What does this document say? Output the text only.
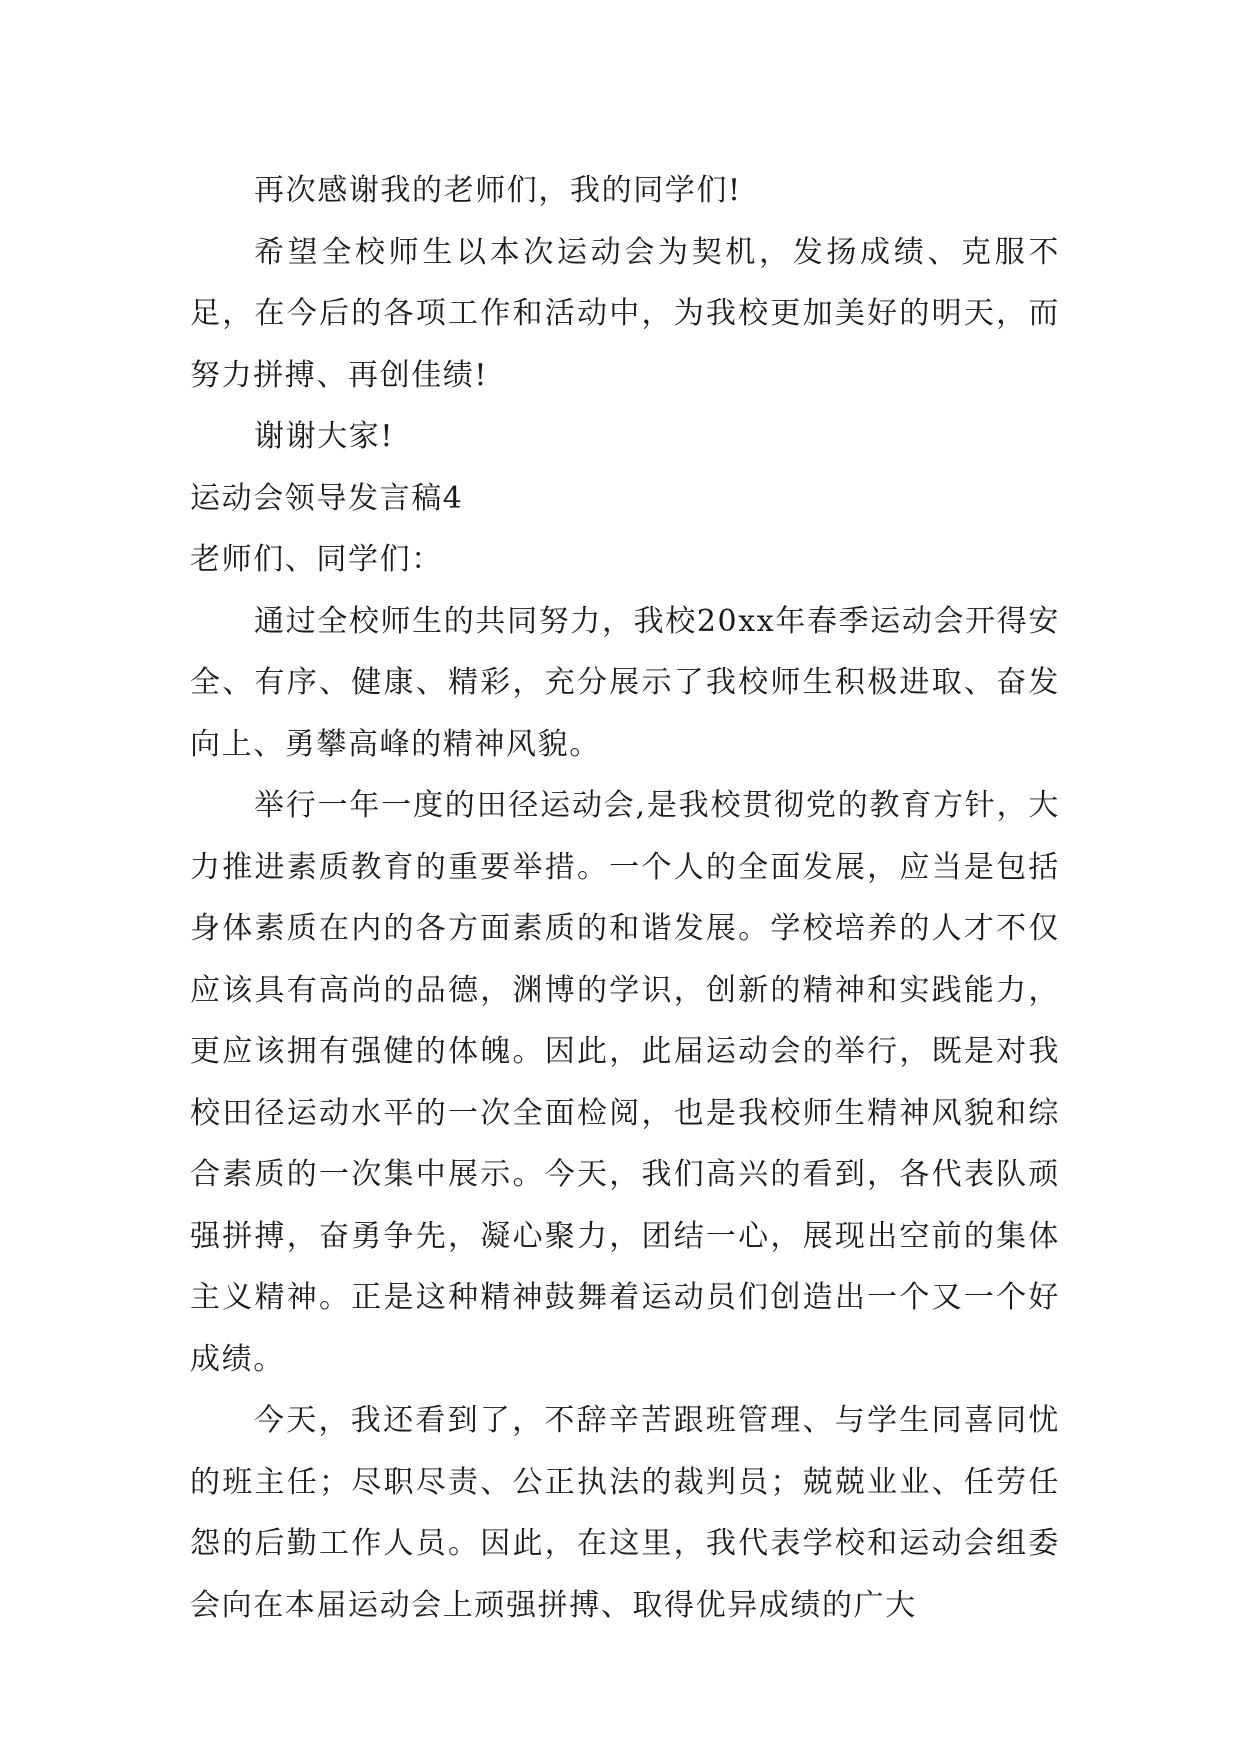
再次感谢我的老师们，我的同学们!

希望全校师生以本次运动会为契机，发扬成绩、克服不足，在今后的各项工作和活动中，为我校更加美好的明天，而努力拼搏、再创佳绩!

谢谢大家!

运动会领导发言稿4

老师们、同学们：

通过全校师生的共同努力，我校20xx年春季运动会开得安全、有序、健康、精彩，充分展示了我校师生积极进取、奋发向上、勇攀高峰的精神风貌。

举行一年一度的田径运动会,是我校贯彻党的教育方针，大力推进素质教育的重要举措。一个人的全面发展，应当是包括身体素质在内的各方面素质的和谐发展。学校培养的人才不仅应该具有高尚的品德，渊博的学识，创新的精神和实践能力，更应该拥有强健的体魄。因此，此届运动会的举行，既是对我校田径运动水平的一次全面检阅，也是我校师生精神风貌和综合素质的一次集中展示。今天，我们高兴的看到，各代表队顽强拼搏，奋勇争先，凝心聚力，团结一心，展现出空前的集体主义精神。正是这种精神鼓舞着运动员们创造出一个又一个好成绩。

今天，我还看到了，不辞辛苦跟班管理、与学生同喜同忧的班主任；尽职尽责、公正执法的裁判员；兢兢业业、任劳任怨的后勤工作人员。因此，在这里，我代表学校和运动会组委会向在本届运动会上顽强拼搏、取得优异成绩的广大
